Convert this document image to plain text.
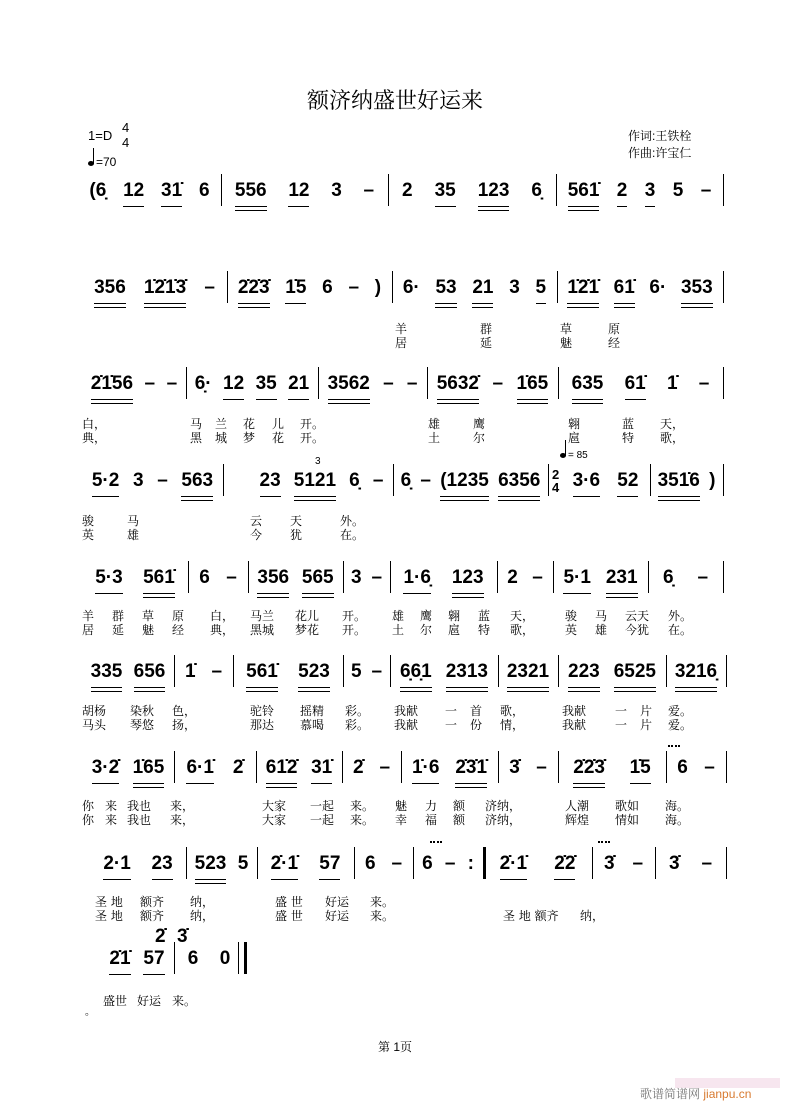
额济纳盛世好运来
1=D
4
4
=70
作词:王铁栓
作曲:许宝仁
(6̣ 12 31̇ 6 556 12 3 – 2 35 123 6̣ 561̇ 2 3 5 –
356 1̇2̇1̇3̇ – 2̇2̇3̇ 1̇5 6 – ) 6· 53 21 3 5 1̇2̇1̇ 61̇ 6· 353
羊	群	草	原
居	延	魅	经
2̇1̇56 – – 6̣· 12 35 21 3562 – – 5632̇ – 1̇65 635 61̇ 1̇ –
白，	马 兰 花 儿 开。	雄	鹰	翱	蓝 天，
典，	黑 城 梦 花 开。	土	尔	扈	特 歌，
5·2 3 – 563 23 5121 6̣ – 6̣ – (1235 6356 3·6 52 351̇6 )
2
4
= 85
3
骏	马	云 天	外。
英	雄	今 犹	在。
5·3 561̇ 6 – 356 565 3 – 1·6̣ 123 2 – 5·1 231 6̣ –
羊 群 草 原 白， 马兰 花儿 开。 雄 鹰 翱 蓝 天，	骏 马 云天 外。
居 延 魅 经 典， 黑城 梦花 开。 土 尔 扈 特 歌，	英 雄 今犹 在。
335 656 1̇ – 561̇ 523 5 – 6̣6̣1 2313 2321 223 6525 3216̣
胡杨 染秋 色，	驼铃 摇精 彩。 我献 一 首 歌，	我献 一 片 爱。
马头 琴悠 扬，	那达 慕喝 彩。 我献 一 份 情，	我献 一 片 爱。
3·2̇ 1̇65 6·1̇ 2̇ 61̇2̇ 31̇ 2̇ – 1̇·6 2̇3̇1̇ 3̇ – 2̇2̇3̇ 1̇5 6 –
你 来 我也 来，	大家 一起 来。 魅 力 额 济纳，	人潮 歌如 海。
你 来 我也 来，	大家 一起 来。 幸 福 额 济纳，	辉煌 情如 海。
2·1 23 523 5 2̇·1̇ 57 6 – 6 – : 2̇·1̇ 2̇2̇ 3̇ – 3̇ –
圣 地 额齐 纳，	盛 世 好运 来。
圣 地 额齐 纳，	盛 世 好运 来。	圣 地 额齐 纳，
2̇1̇ 57 6 0
2̇ 3̇
盛世 好运 来。
。
第 1页
歌谱简谱网 jianpu.cn
